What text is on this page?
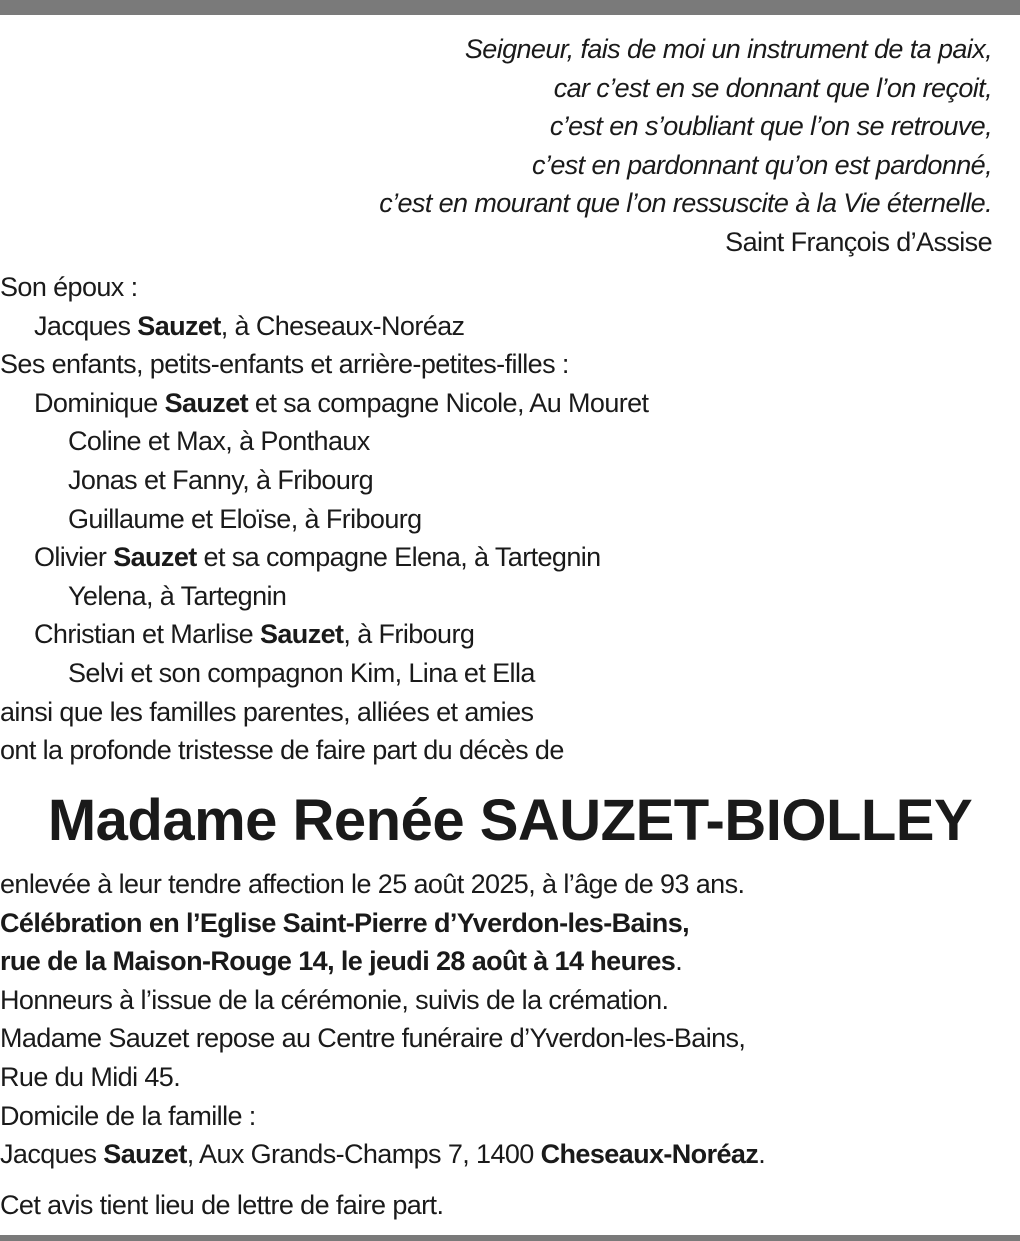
Seigneur, fais de moi un instrument de ta paix,
car c’est en se donnant que l’on reçoit,
c’est en s’oubliant que l’on se retrouve,
c’est en pardonnant qu’on est pardonné,
c’est en mourant que l’on ressuscite à la Vie éternelle.
Saint François d’Assise
Son époux :
Jacques Sauzet, à Cheseaux-Noréaz
Ses enfants, petits-enfants et arrière-petites-filles :
Dominique Sauzet et sa compagne Nicole, Au Mouret
Coline et Max, à Ponthaux
Jonas et Fanny, à Fribourg
Guillaume et Eloïse, à Fribourg
Olivier Sauzet et sa compagne Elena, à Tartegnin
Yelena, à Tartegnin
Christian et Marlise Sauzet, à Fribourg
Selvi et son compagnon Kim, Lina et Ella
ainsi que les familles parentes, alliées et amies
ont la profonde tristesse de faire part du décès de
Madame Renée SAUZET-BIOLLEY
enlevée à leur tendre affection le 25 août 2025, à l’âge de 93 ans.
Célébration en l’Eglise Saint-Pierre d’Yverdon-les-Bains,
rue de la Maison-Rouge 14, le jeudi 28 août à 14 heures.
Honneurs à l’issue de la cérémonie, suivis de la crémation.
Madame Sauzet repose au Centre funéraire d’Yverdon-les-Bains,
Rue du Midi 45.
Domicile de la famille :
Jacques Sauzet, Aux Grands-Champs 7, 1400 Cheseaux-Noréaz.
Cet avis tient lieu de lettre de faire part.
